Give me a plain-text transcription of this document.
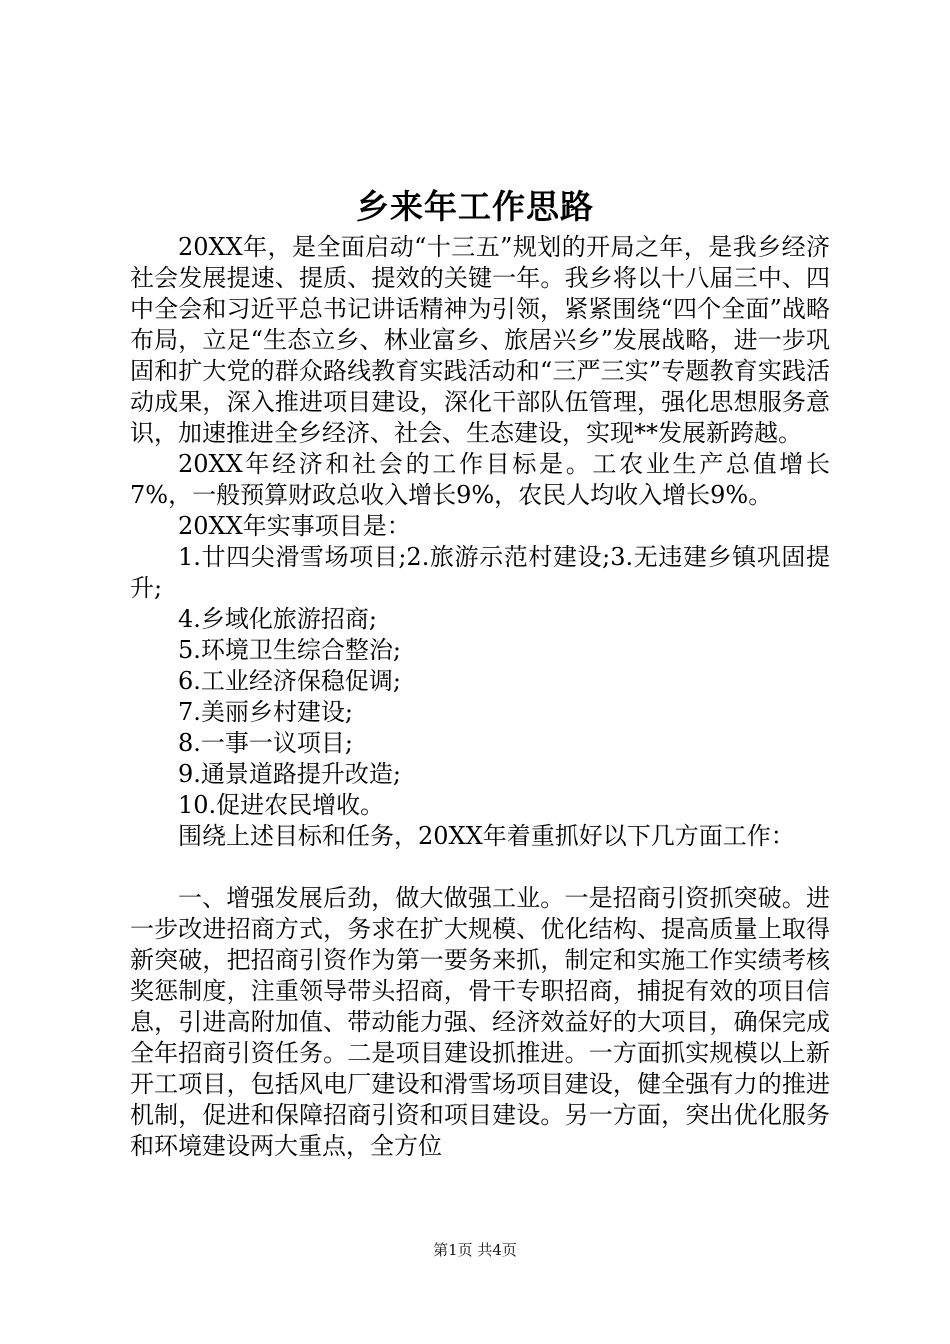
乡来年工作思路

20XX年，是全面启动“十三五”规划的开局之年，是我乡经济社会发展提速、提质、提效的关键一年。我乡将以十八届三中、四中全会和习近平总书记讲话精神为引领，紧紧围绕“四个全面”战略布局，立足“生态立乡、林业富乡、旅居兴乡”发展战略，进一步巩固和扩大党的群众路线教育实践活动和“三严三实”专题教育实践活动成果，深入推进项目建设，深化干部队伍管理，强化思想服务意识，加速推进全乡经济、社会、生态建设，实现**发展新跨越。

20XX年经济和社会的工作目标是。工农业生产总值增长7%，一般预算财政总收入增长9%，农民人均收入增长9%。

20XX年实事项目是：

1.廿四尖滑雪场项目;2.旅游示范村建设;3.无违建乡镇巩固提升;

4.乡域化旅游招商;

5.环境卫生综合整治;

6.工业经济保稳促调;

7.美丽乡村建设;

8.一事一议项目;

9.通景道路提升改造;

10.促进农民增收。

围绕上述目标和任务，20XX年着重抓好以下几方面工作：

一、增强发展后劲，做大做强工业。一是招商引资抓突破。进一步改进招商方式，务求在扩大规模、优化结构、提高质量上取得新突破，把招商引资作为第一要务来抓，制定和实施工作实绩考核奖惩制度，注重领导带头招商，骨干专职招商，捕捉有效的项目信息，引进高附加值、带动能力强、经济效益好的大项目，确保完成全年招商引资任务。二是项目建设抓推进。一方面抓实规模以上新开工项目，包括风电厂建设和滑雪场项目建设，健全强有力的推进机制，促进和保障招商引资和项目建设。另一方面，突出优化服务和环境建设两大重点，全方位

第1页 共4页
